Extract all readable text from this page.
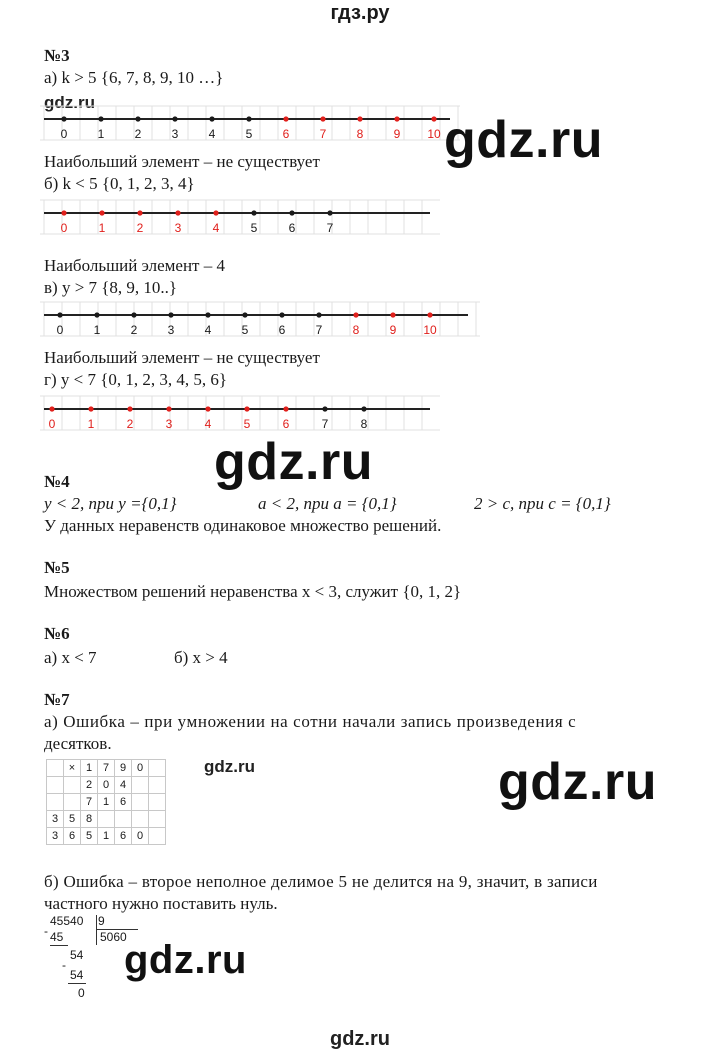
гдз.ру
№3
а) k > 5 {6, 7, 8, 9, 10 …}
gdz.ru
0	1	2	3	4	5	6	7	8	9 10 gdz.ru
Наибольший элемент – не существует
б) k < 5 {0, 1, 2, 3, 4}
0	1	2	3	4	5	6	7
Наибольший элемент – 4
в) y > 7 {8, 9, 10..}
0	1	2	3	4	5	6	7	8	9 10
Наибольший элемент – не существует
г) y < 7 {0, 1, 2, 3, 4, 5, 6}
0	1	2	3	4	5	6	7	8
gdz.ru
№4
y < 2, при y ={0,1}	a < 2, при a = {0,1}	2 > c, при c = {0,1}
У данных неравенств одинаковое множество решений.
№5
Множеством решений неравенства x < 3, служит {0, 1, 2}
№6
а) x < 7	б) x > 4
№7
а) Ошибка – при умножении на сотни начали запись произведения с
десятков.
	×	1	7	9	0	
		2	0	4		
		7	1	6		
3	5	8				
3	6	5	1	6	0	
gdz.ru	gdz.ru
б) Ошибка – второе неполное делимое 5 не делится на 9, значит, в записи
частного нужно поставить нуль.
45540 9
5060
- 45
54
-
54
0
gdz.ru
gdz.ru
